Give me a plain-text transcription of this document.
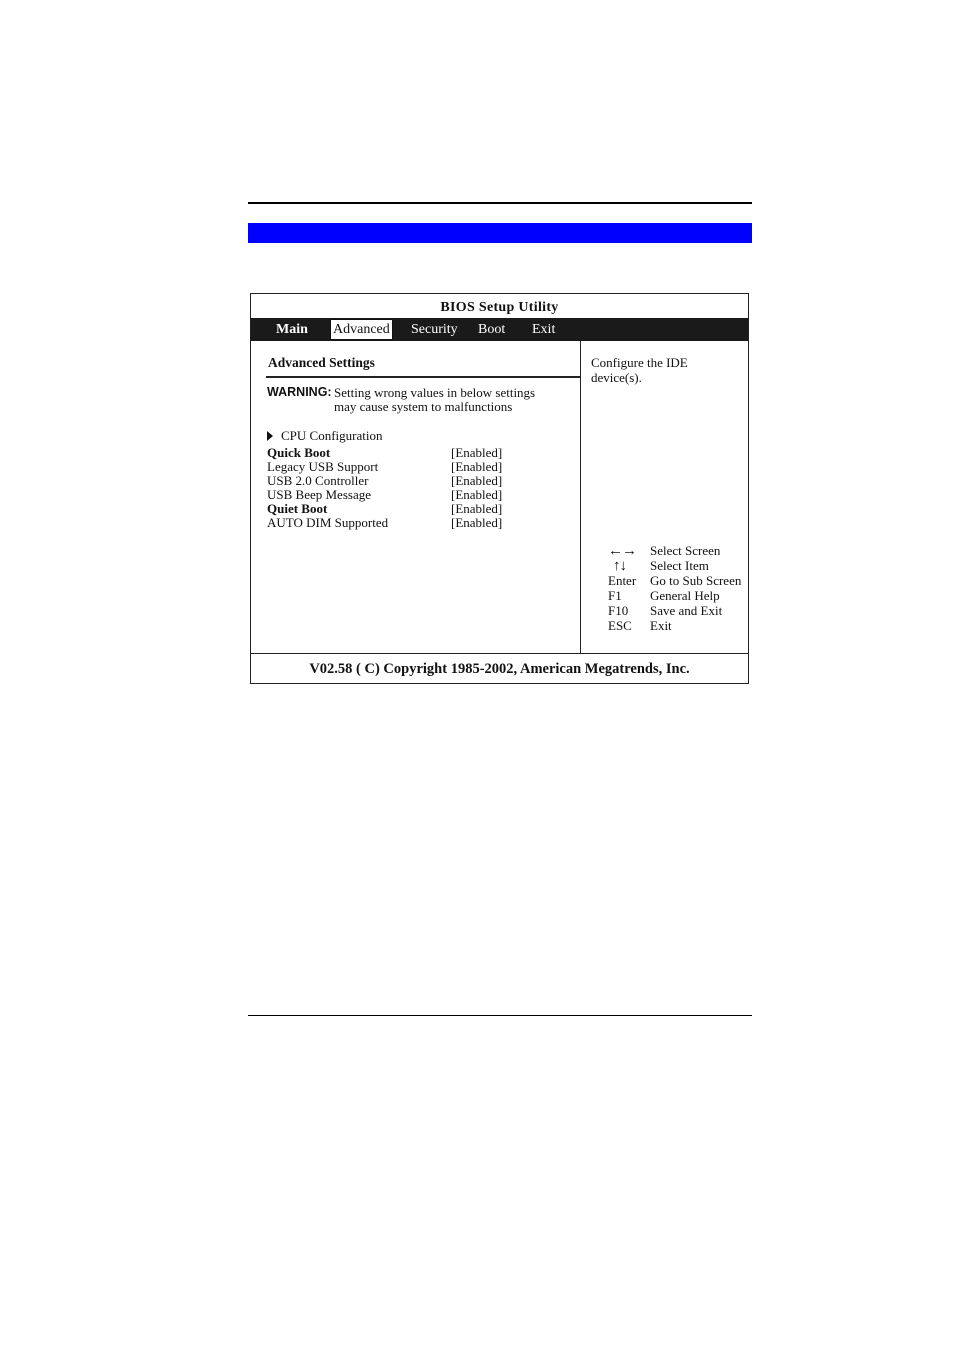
BIOS Setup Utility
Main Advanced Security Boot Exit
Advanced Settings
WARNING: Setting wrong values in below settings
may cause system to malfunctions
CPU Configuration
Quick Boot	[Enabled]
Legacy USB Support	[Enabled]
USB 2.0 Controller	[Enabled]
USB Beep Message	[Enabled]
Quiet Boot	[Enabled]
AUTO DIM Supported	[Enabled]
Configure the IDE device(s).
←→	Select Screen
↑↓	Select Item
Enter	Go to Sub Screen
F1	General Help
F10	Save and Exit
ESC	Exit
V02.58 ( C) Copyright 1985-2002, American Megatrends, Inc.
